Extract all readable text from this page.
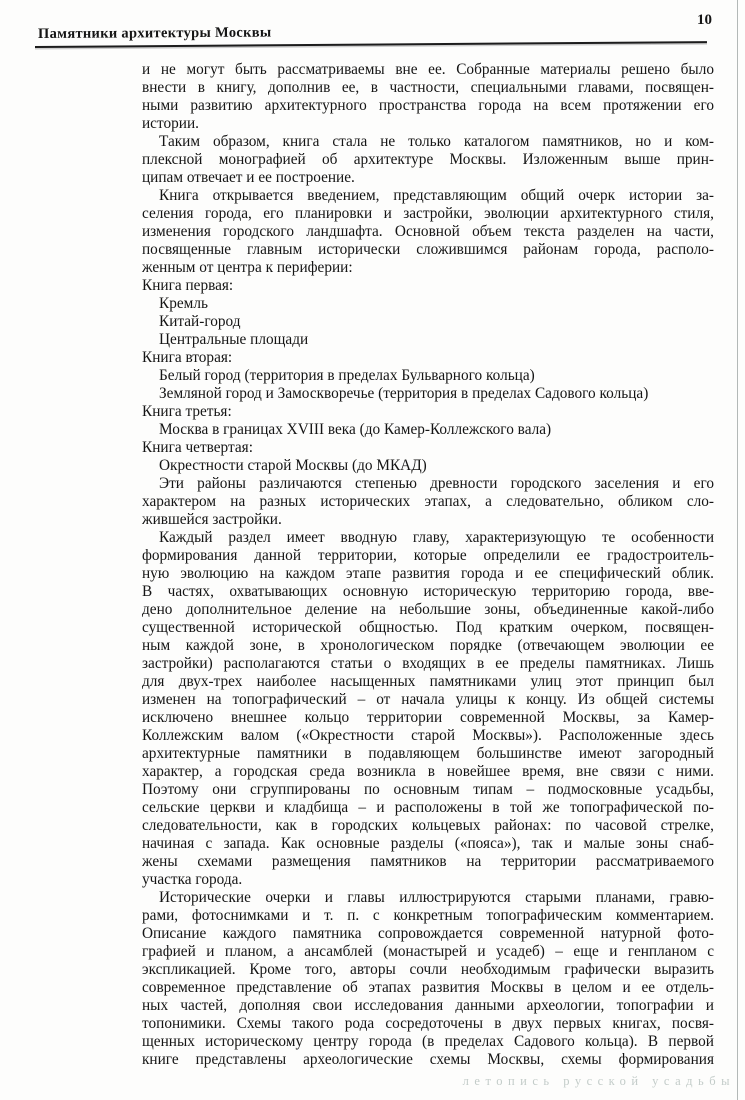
Памятники архитектуры Москвы
10
и не могут быть рассматриваемы вне ее. Собранные материалы решено было
внести в книгу, дополнив ее, в частности, специальными главами, посвящен-
ными развитию архитектурного пространства города на всем протяжении его
истории.
Таким образом, книга стала не только каталогом памятников, но и ком-
плексной монографией об архитектуре Москвы. Изложенным выше прин-
ципам отвечает и ее построение.
Книга открывается введением, представляющим общий очерк истории за-
селения города, его планировки и застройки, эволюции архитектурного стиля,
изменения городского ландшафта. Основной объем текста разделен на части,
посвященные главным исторически сложившимся районам города, располо-
женным от центра к периферии:
Книга первая:
Кремль
Китай-город
Центральные площади
Книга вторая:
Белый город (территория в пределах Бульварного кольца)
Земляной город и Замоскворечье (территория в пределах Садового кольца)
Книга третья:
Москва в границах XVIII века (до Камер-Коллежского вала)
Книга четвертая:
Окрестности старой Москвы (до МКАД)
Эти районы различаются степенью древности городского заселения и его
характером на разных исторических этапах, а следовательно, обликом сло-
жившейся застройки.
Каждый раздел имеет вводную главу, характеризующую те особенности
формирования данной территории, которые определили ее градостроитель-
ную эволюцию на каждом этапе развития города и ее специфический облик.
В частях, охватывающих основную историческую территорию города, вве-
дено дополнительное деление на небольшие зоны, объединенные какой-либо
существенной исторической общностью. Под кратким очерком, посвящен-
ным каждой зоне, в хронологическом порядке (отвечающем эволюции ее
застройки) располагаются статьи о входящих в ее пределы памятниках. Лишь
для двух-трех наиболее насыщенных памятниками улиц этот принцип был
изменен на топографический – от начала улицы к концу. Из общей системы
исключено внешнее кольцо территории современной Москвы, за Камер-
Коллежским валом («Окрестности старой Москвы»). Расположенные здесь
архитектурные памятники в подавляющем большинстве имеют загородный
характер, а городская среда возникла в новейшее время, вне связи с ними.
Поэтому они сгруппированы по основным типам – подмосковные усадьбы,
сельские церкви и кладбища – и расположены в той же топографической по-
следовательности, как в городских кольцевых районах: по часовой стрелке,
начиная с запада. Как основные разделы («пояса»), так и малые зоны снаб-
жены схемами размещения памятников на территории рассматриваемого
участка города.
Исторические очерки и главы иллюстрируются старыми планами, гравю-
рами, фотоснимками и т. п. с конкретным топографическим комментарием.
Описание каждого памятника сопровождается современной натурной фото-
графией и планом, а ансамблей (монастырей и усадеб) – еще и генпланом с
экспликацией. Кроме того, авторы сочли необходимым графически выразить
современное представление об этапах развития Москвы в целом и ее отдель-
ных частей, дополняя свои исследования данными археологии, топографии и
топонимики. Схемы такого рода сосредоточены в двух первых книгах, посвя-
щенных историческому центру города (в пределах Садового кольца). В первой
книге представлены археологические схемы Москвы, схемы формирования
летопись русской усадьбы
